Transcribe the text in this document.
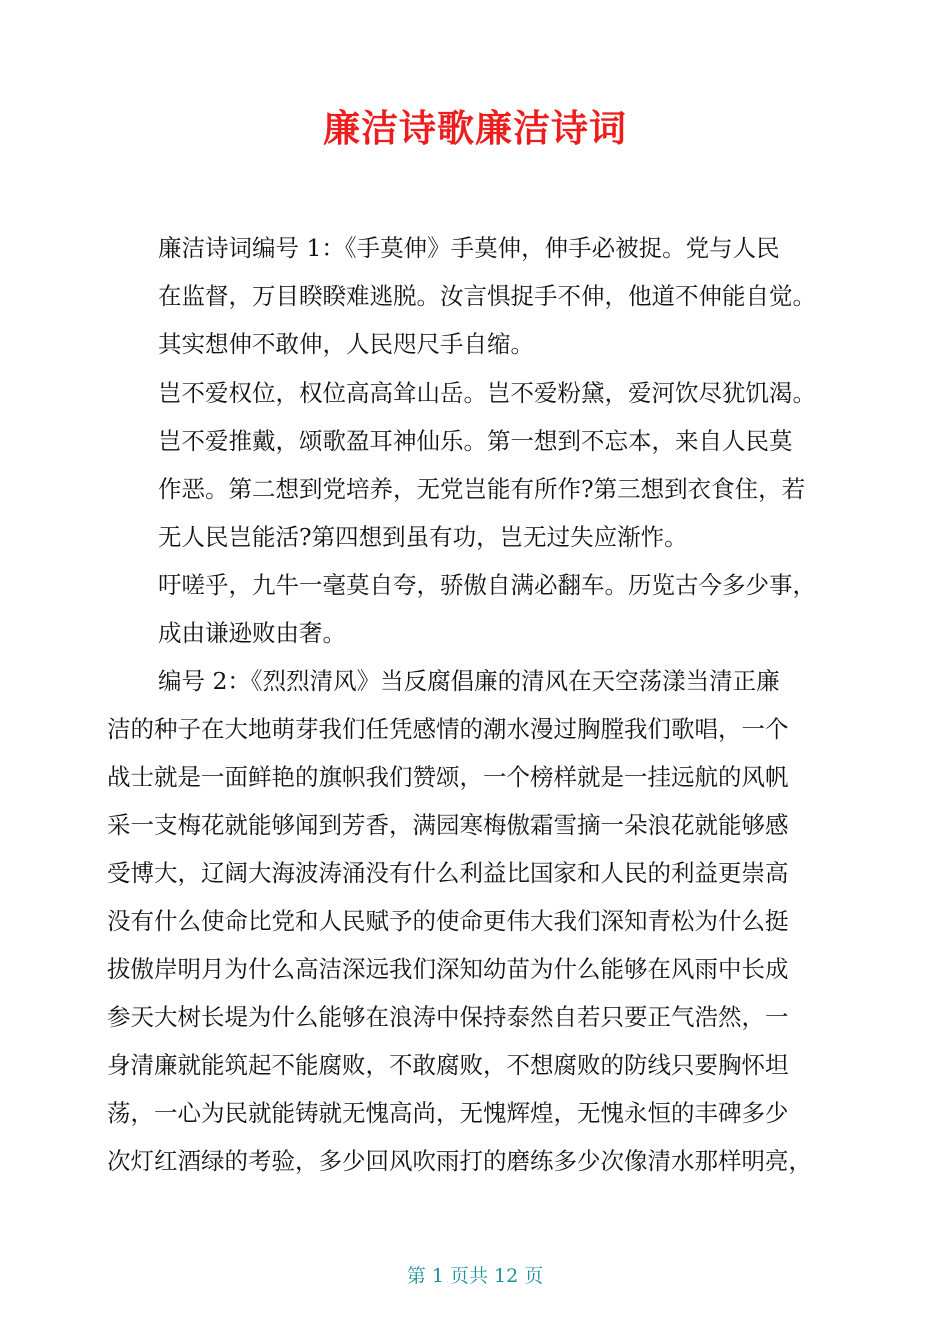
廉洁诗歌廉洁诗词
廉洁诗词编号 1：《手莫伸》手莫伸，伸手必被捉。党与人民
在监督，万目睽睽难逃脱。汝言惧捉手不伸，他道不伸能自觉。
其实想伸不敢伸，人民咫尺手自缩。
岂不爱权位，权位高高耸山岳。岂不爱粉黛，爱河饮尽犹饥渴。
岂不爱推戴，颂歌盈耳神仙乐。第一想到不忘本，来自人民莫
作恶。第二想到党培养，无党岂能有所作?第三想到衣食住，若
无人民岂能活?第四想到虽有功，岂无过失应渐怍。
吁嗟乎，九牛一毫莫自夸，骄傲自满必翻车。历览古今多少事，
成由谦逊败由奢。
编号 2：《烈烈清风》当反腐倡廉的清风在天空荡漾当清正廉
洁的种子在大地萌芽我们任凭感情的潮水漫过胸膛我们歌唱，一个
战士就是一面鲜艳的旗帜我们赞颂，一个榜样就是一挂远航的风帆
采一支梅花就能够闻到芳香，满园寒梅傲霜雪摘一朵浪花就能够感
受博大，辽阔大海波涛涌没有什么利益比国家和人民的利益更崇高
没有什么使命比党和人民赋予的使命更伟大我们深知青松为什么挺
拔傲岸明月为什么高洁深远我们深知幼苗为什么能够在风雨中长成
参天大树长堤为什么能够在浪涛中保持泰然自若只要正气浩然，一
身清廉就能筑起不能腐败，不敢腐败，不想腐败的防线只要胸怀坦
荡，一心为民就能铸就无愧高尚，无愧辉煌，无愧永恒的丰碑多少
次灯红酒绿的考验，多少回风吹雨打的磨练多少次像清水那样明亮，
第 1 页共 12 页
